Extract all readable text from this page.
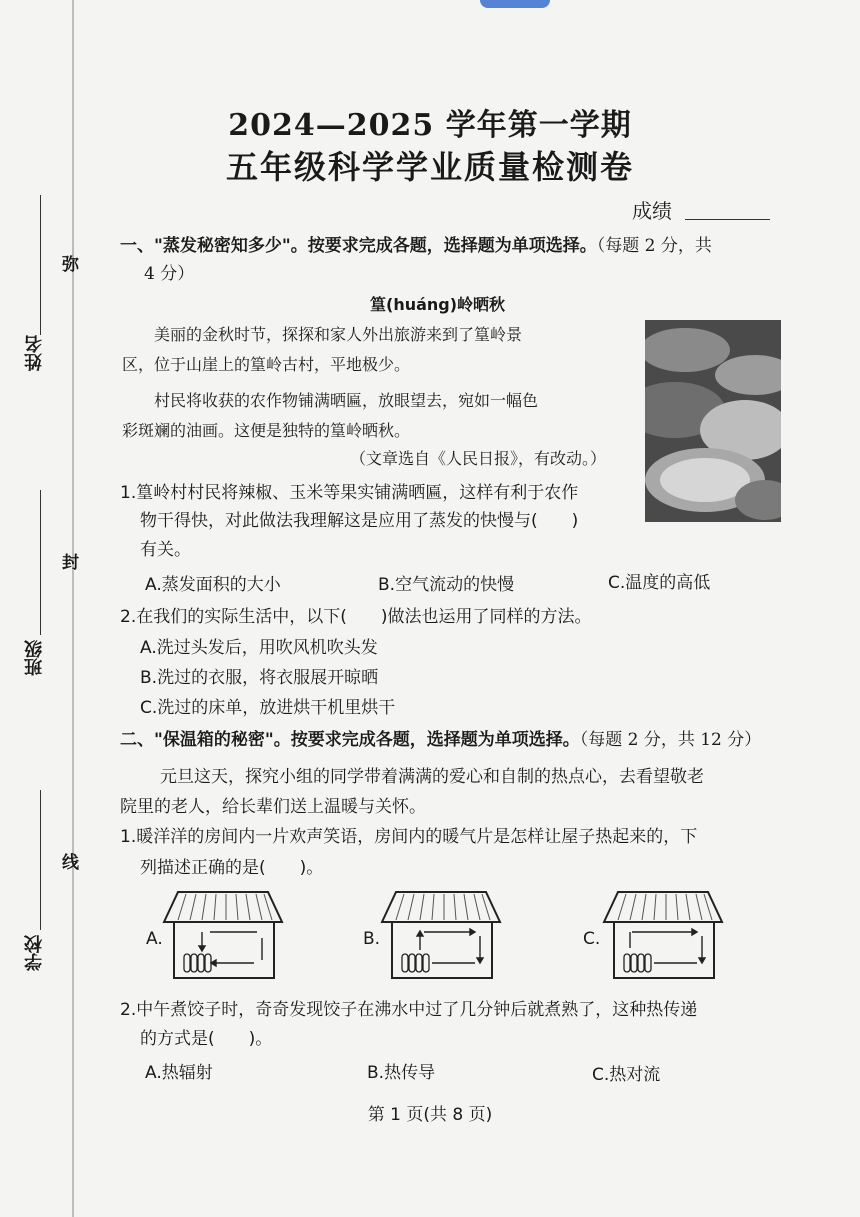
姓名
班级
学校
弥
封
线
2024—2025 学年第一学期
五年级科学学业质量检测卷
成绩
一、"蒸发秘密知多少"。按要求完成各题，选择题为单项选择。（每题 2 分，共
4 分）
篁(huáng)岭晒秋

美丽的金秋时节，探探和家人外出旅游来到了篁岭景

区，位于山崖上的篁岭古村，平地极少。

村民将收获的农作物铺满晒匾，放眼望去，宛如一幅色

彩斑斓的油画。这便是独特的篁岭晒秋。
（文章选自《人民日报》，有改动。）
1.篁岭村村民将辣椒、玉米等果实铺满晒匾，这样有利于农作
物干得快，对此做法我理解这是应用了蒸发的快慢与(　　)
有关。
A.蒸发面积的大小	B.空气流动的快慢	C.温度的高低
2.在我们的实际生活中，以下(　　)做法也运用了同样的方法。
A.洗过头发后，用吹风机吹头发
B.洗过的衣服，将衣服展开晾晒
C.洗过的床单，放进烘干机里烘干
二、"保温箱的秘密"。按要求完成各题，选择题为单项选择。（每题 2 分，共 12 分）
元旦这天，探究小组的同学带着满满的爱心和自制的热点心，去看望敬老
院里的老人，给长辈们送上温暖与关怀。
1.暖洋洋的房间内一片欢声笑语，房间内的暖气片是怎样让屋子热起来的，下
列描述正确的是(　　)。
A.	B.	C.
2.中午煮饺子时，奇奇发现饺子在沸水中过了几分钟后就煮熟了，这种热传递
的方式是(　　)。
A.热辐射	B.热传导	C.热对流
第 1 页(共 8 页)
